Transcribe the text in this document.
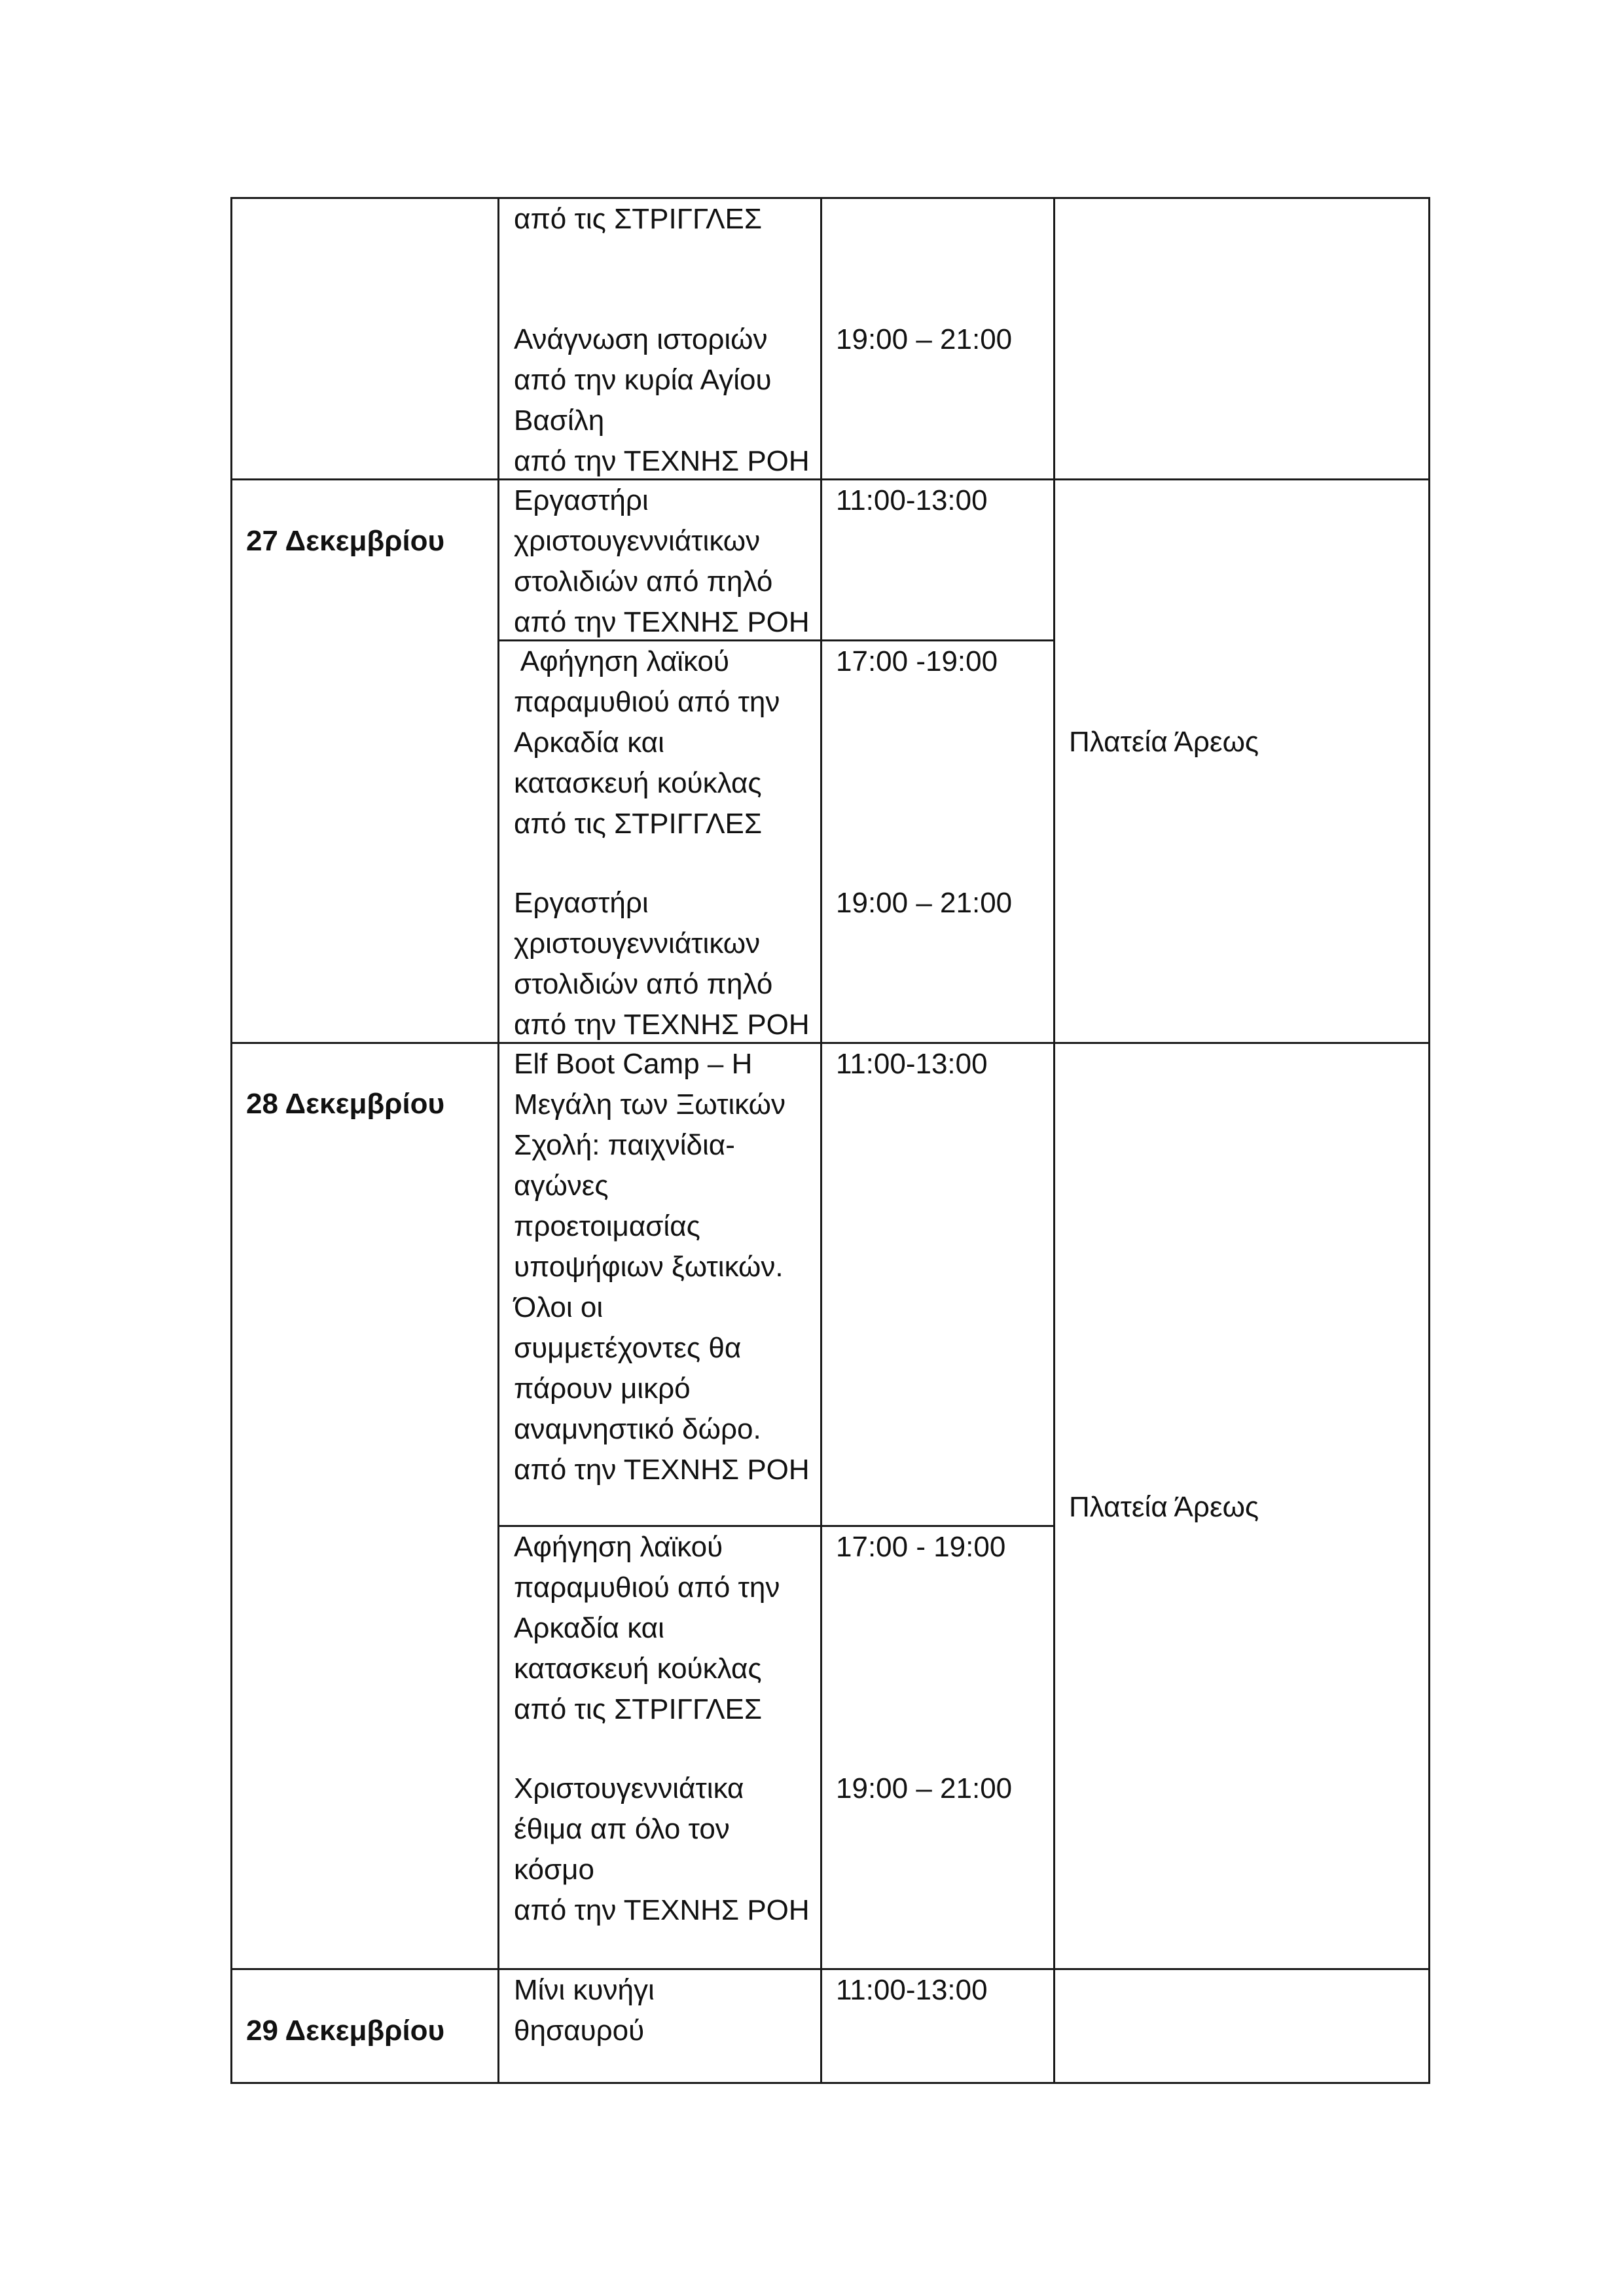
από τις ΣΤΡΙΓΓΛΕΣ
Ανάγνωση ιστοριών
από την κυρία Αγίου
Βασίλη
από την ΤΕΧΝΗΣ ΡΟΗ
19:00 – 21:00
27 Δεκεμβρίου
Εργαστήρι
χριστουγεννιάτικων
στολιδιών από πηλό
από την ΤΕΧΝΗΣ ΡΟΗ
11:00-13:00
Αφήγηση λαϊκού
παραμυθιού από την
Αρκαδία και
κατασκευή κούκλας
από τις ΣΤΡΙΓΓΛΕΣ
17:00 -19:00
Εργαστήρι
χριστουγεννιάτικων
στολιδιών από πηλό
από την ΤΕΧΝΗΣ ΡΟΗ
19:00 – 21:00
Πλατεία Άρεως
28 Δεκεμβρίου
Elf Boot Camp – Η
Μεγάλη των Ξωτικών
Σχολή: παιχνίδια-
αγώνες
προετοιμασίας
υποψήφιων ξωτικών.
Όλοι οι
συμμετέχοντες θα
πάρουν μικρό
αναμνηστικό δώρο.
από την ΤΕΧΝΗΣ ΡΟΗ
11:00-13:00
Αφήγηση λαϊκού
παραμυθιού από την
Αρκαδία και
κατασκευή κούκλας
από τις ΣΤΡΙΓΓΛΕΣ
17:00 - 19:00
Χριστουγεννιάτικα
έθιμα απ όλο τον
κόσμο
από την ΤΕΧΝΗΣ ΡΟΗ
19:00 – 21:00
Πλατεία Άρεως
29 Δεκεμβρίου
Μίνι κυνήγι
θησαυρού
11:00-13:00
